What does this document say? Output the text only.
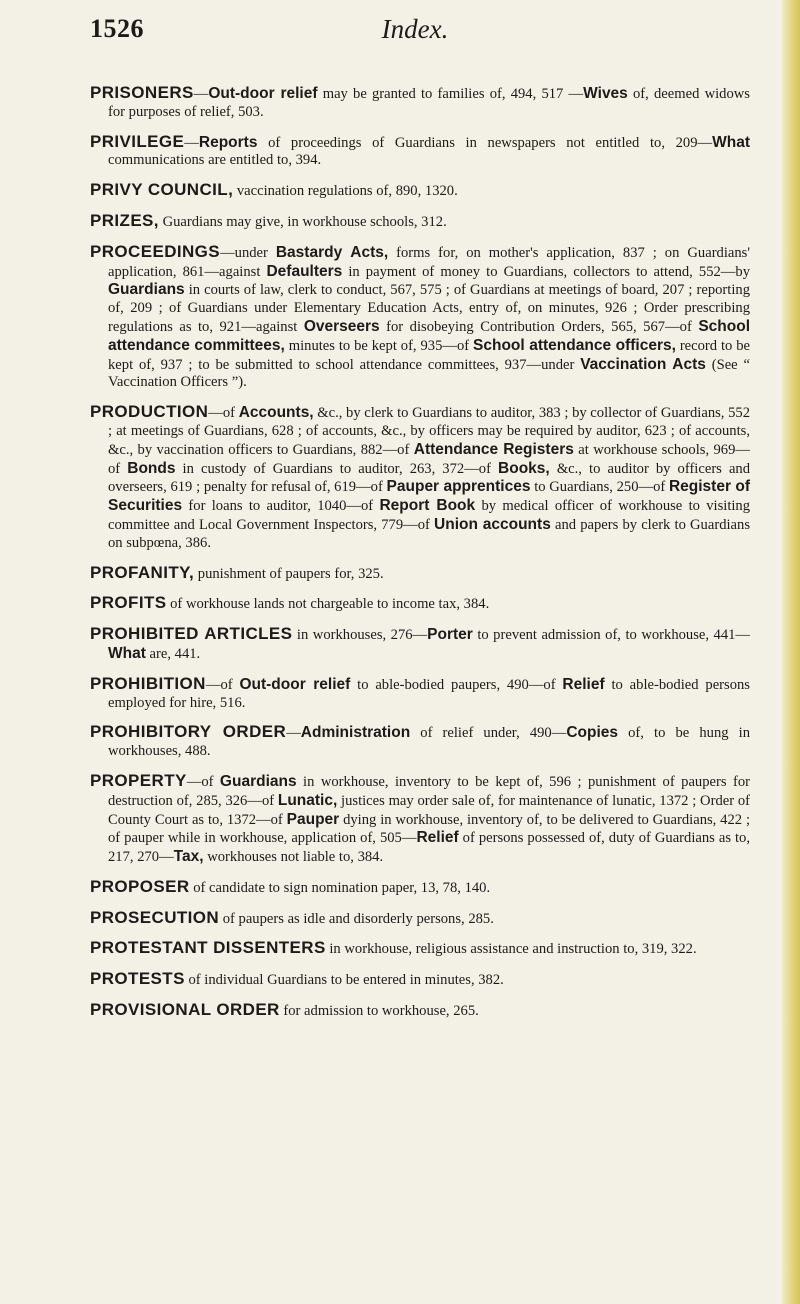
1526	Index.

PRISONERS—Out-door relief may be granted to families of, 494, 517 —Wives of, deemed widows for purposes of relief, 503.

PRIVILEGE—Reports of proceedings of Guardians in newspapers not entitled to, 209—What communications are entitled to, 394.

PRIVY COUNCIL, vaccination regulations of, 890, 1320.

PRIZES, Guardians may give, in workhouse schools, 312.

PROCEEDINGS—under Bastardy Acts, forms for, on mother's application, 837 ; on Guardians' application, 861—against Defaulters in payment of money to Guardians, collectors to attend, 552—by Guardians in courts of law, clerk to conduct, 567, 575 ; of Guardians at meetings of board, 207 ; reporting of, 209 ; of Guardians under Elementary Education Acts, entry of, on minutes, 926 ; Order prescribing regulations as to, 921—against Overseers for disobeying Contribution Orders, 565, 567—of School attendance committees, minutes to be kept of, 935—of School attendance officers, record to be kept of, 937 ; to be submitted to school attendance committees, 937—under Vaccination Acts (See “ Vaccination Officers ”).

PRODUCTION—of Accounts, &c., by clerk to Guardians to auditor, 383 ; by collector of Guardians, 552 ; at meetings of Guardians, 628 ; of accounts, &c., by officers may be required by auditor, 623 ; of accounts, &c., by vaccination officers to Guardians, 882—of Attendance Registers at workhouse schools, 969—of Bonds in custody of Guardians to auditor, 263, 372—of Books, &c., to auditor by officers and overseers, 619 ; penalty for refusal of, 619—of Pauper apprentices to Guardians, 250—of Register of Securities for loans to auditor, 1040—of Report Book by medical officer of workhouse to visiting committee and Local Government Inspectors, 779—of Union accounts and papers by clerk to Guardians on subpœna, 386.

PROFANITY, punishment of paupers for, 325.

PROFITS of workhouse lands not chargeable to income tax, 384.

PROHIBITED ARTICLES in workhouses, 276—Porter to prevent admission of, to workhouse, 441—What are, 441.

PROHIBITION—of Out-door relief to able-bodied paupers, 490—of Relief to able-bodied persons employed for hire, 516.

PROHIBITORY ORDER—Administration of relief under, 490—Copies of, to be hung in workhouses, 488.

PROPERTY—of Guardians in workhouse, inventory to be kept of, 596 ; punishment of paupers for destruction of, 285, 326—of Lunatic, justices may order sale of, for maintenance of lunatic, 1372 ; Order of County Court as to, 1372—of Pauper dying in workhouse, inventory of, to be delivered to Guardians, 422 ; of pauper while in workhouse, application of, 505—Relief of persons possessed of, duty of Guardians as to, 217, 270—Tax, workhouses not liable to, 384.

PROPOSER of candidate to sign nomination paper, 13, 78, 140.

PROSECUTION of paupers as idle and disorderly persons, 285.

PROTESTANT DISSENTERS in workhouse, religious assistance and instruction to, 319, 322.

PROTESTS of individual Guardians to be entered in minutes, 382.

PROVISIONAL ORDER for admission to workhouse, 265.
